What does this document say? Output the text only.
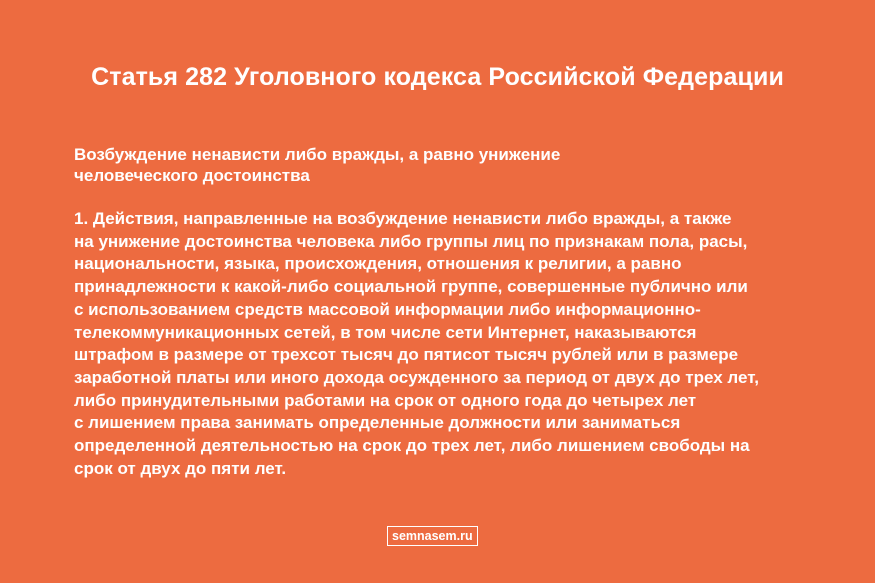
Статья 282 Уголовного кодекса Российской Федерации
Возбуждение ненависти либо вражды, а равно унижение
человеческого достоинства
1. Действия, направленные на возбуждение ненависти либо вражды, а также
на унижение достоинства человека либо группы лиц по признакам пола, расы,
национальности, языка, происхождения, отношения к религии, а равно
принадлежности к какой-либо социальной группе, совершенные публично или
с использованием средств массовой информации либо информационно-
телекоммуникационных сетей, в том числе сети Интернет, наказываются
штрафом в размере от трехсот тысяч до пятисот тысяч рублей или в размере
заработной платы или иного дохода осужденного за период от двух до трех лет,
либо принудительными работами на срок от одного года до четырех лет
с лишением права занимать определенные должности или заниматься
определенной деятельностью на срок до трех лет, либо лишением свободы на
срок от двух до пяти лет.
semnasem.ru
